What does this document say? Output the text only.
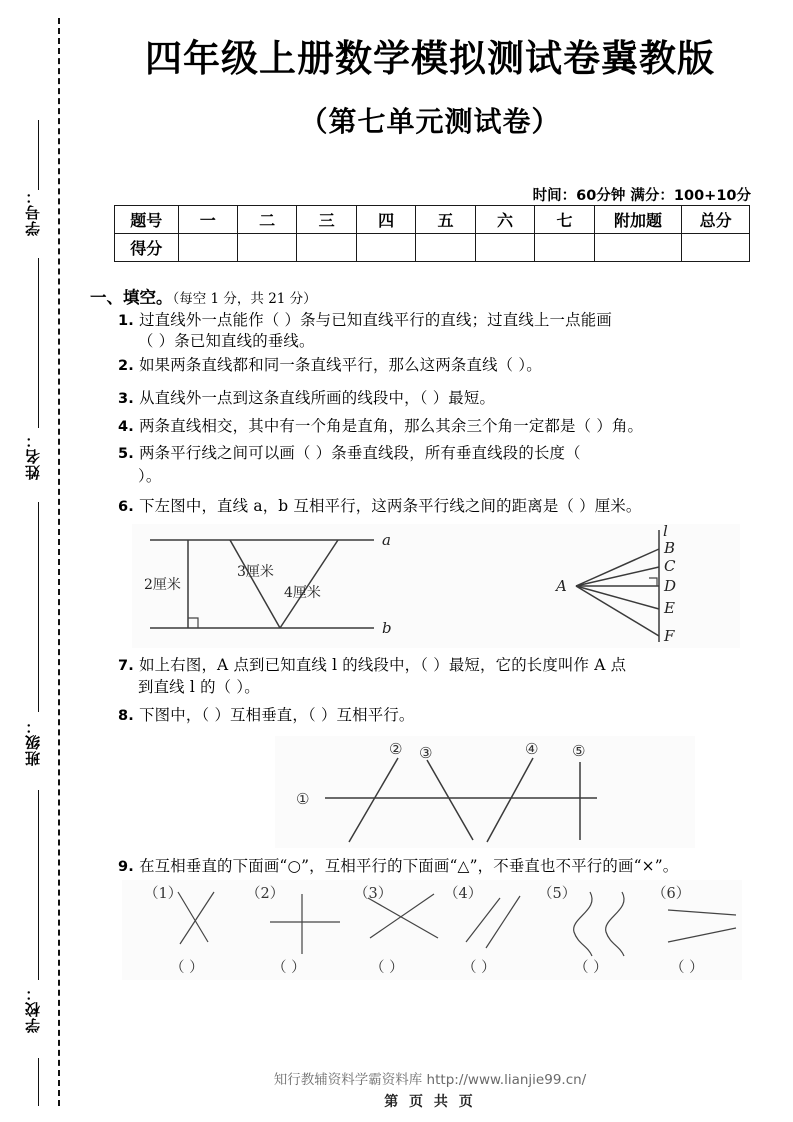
学号：
姓名：
班级：
学校：
四年级上册数学模拟测试卷冀教版
（第七单元测试卷）
时间：60分钟 满分：100+10分
题号	一	二	三	四	五	六	七	附加题	总分
得分									
一、填空。（每空 1 分，共 21 分）
1. 过直线外一点能作（ ）条与已知直线平行的直线；过直线上一点能画
（ ）条已知直线的垂线。
2. 如果两条直线都和同一条直线平行，那么这两条直线（ ）。
3. 从直线外一点到这条直线所画的线段中，（ ）最短。
4. 两条直线相交，其中有一个角是直角，那么其余三个角一定都是（ ）角。
5. 两条平行线之间可以画（ ）条垂直线段，所有垂直线段的长度（
）。
6. 下左图中，直线 a，b 互相平行，这两条平行线之间的距离是（ ）厘米。
a
b
2厘米
3厘米
4厘米	A
l
B
C
D
E
F
7. 如上右图，A 点到已知直线 l 的线段中，（ ）最短，它的长度叫作 A 点
到直线 l 的（ ）。
8. 下图中，（ ）互相垂直，（ ）互相平行。
①
② ③	④ ⑤
9. 在互相垂直的下面画“○”，互相平行的下面画“△”，不垂直也不平行的画“×”。
（1）
（ ）
（2）
（ ）
（3）
（ ）
（4）
（ ）
（5）
（ ）
（6）
（ ）
知行教辅资料学霸资料库 http://www.lianjie99.cn/
第 页 共 页
